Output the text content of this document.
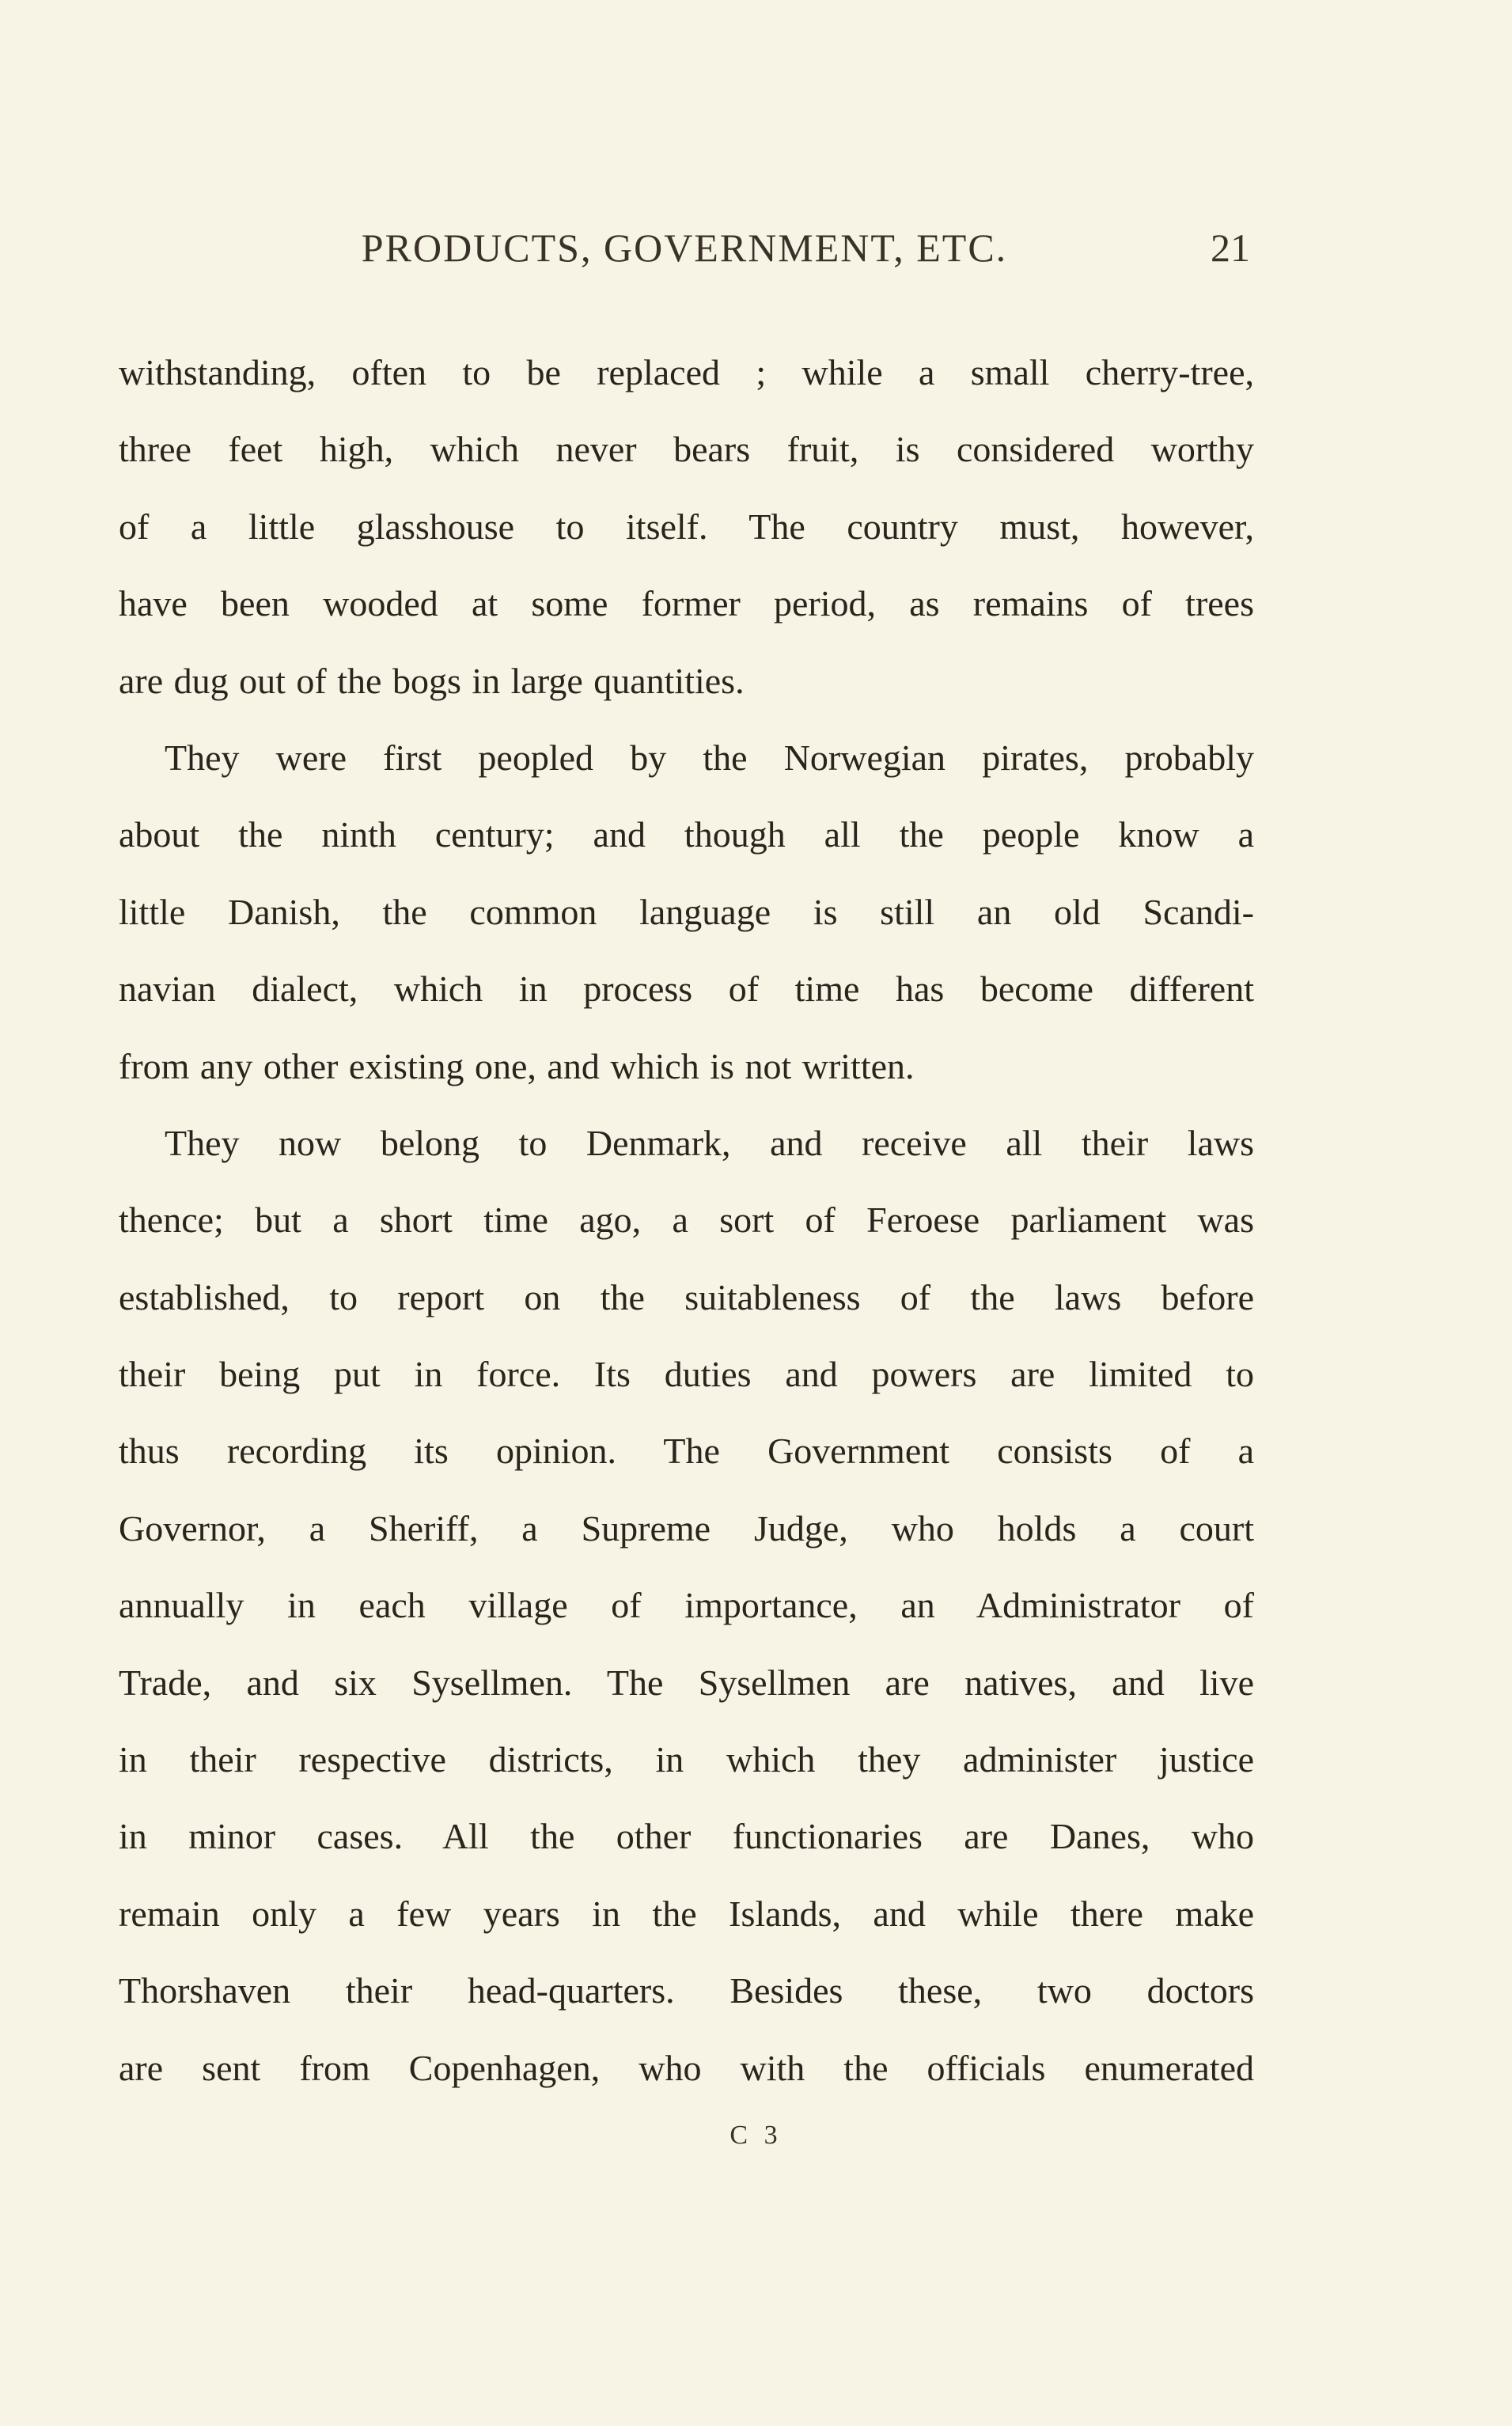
PRODUCTS, GOVERNMENT, ETC.	21
withstanding, often to be replaced ; while a small cherry-tree,
three feet high, which never bears fruit, is considered worthy
of a little glasshouse to itself. The country must, however,
have been wooded at some former period, as remains of trees
are dug out of the bogs in large quantities.
They were first peopled by the Norwegian pirates, probably
about the ninth century; and though all the people know a
little Danish, the common language is still an old Scandi-
navian dialect, which in process of time has become different
from any other existing one, and which is not written.
They now belong to Denmark, and receive all their laws
thence; but a short time ago, a sort of Feroese parliament was
established, to report on the suitableness of the laws before
their being put in force. Its duties and powers are limited to
thus recording its opinion. The Government consists of a
Governor, a Sheriff, a Supreme Judge, who holds a court
annually in each village of importance, an Administrator of
Trade, and six Sysellmen. The Sysellmen are natives, and live
in their respective districts, in which they administer justice
in minor cases. All the other functionaries are Danes, who
remain only a few years in the Islands, and while there make
Thorshaven their head-quarters. Besides these, two doctors
are sent from Copenhagen, who with the officials enumerated
C 3
